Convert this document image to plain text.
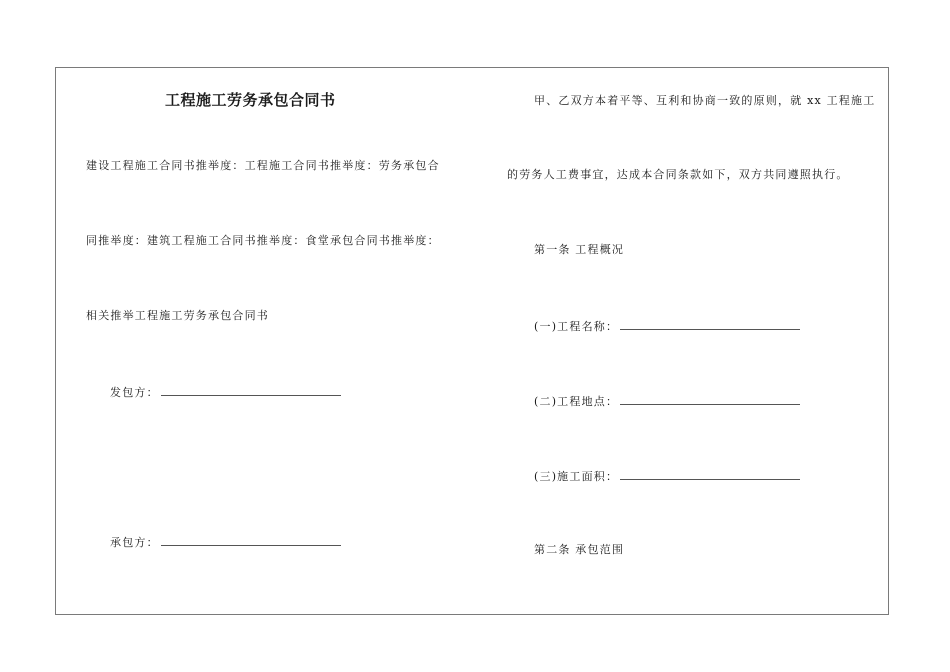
工程施工劳务承包合同书
建设工程施工合同书推举度：工程施工合同书推举度：劳务承包合
同推举度：建筑工程施工合同书推举度：食堂承包合同书推举度：
相关推举工程施工劳务承包合同书
发包方：
承包方：
甲、乙双方本着平等、互利和协商一致的原则，就 xx 工程施工
的劳务人工费事宜，达成本合同条款如下，双方共同遵照执行。
第一条 工程概况
(一)工程名称：
(二)工程地点：
(三)施工面积：
第二条 承包范围
